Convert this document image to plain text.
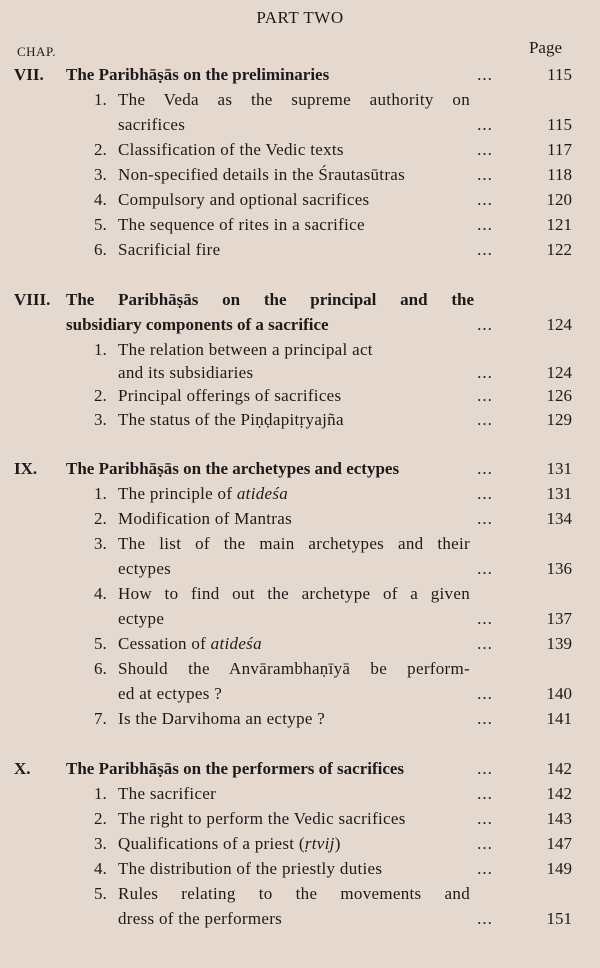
PART TWO
CHAP.	Page
VII. The Paribhāṣās on the preliminaries	...	115
1. The Veda as the supreme authority on
sacrifices	...	115
2. Classification of the Vedic texts	...	117
3. Non-specified details in the Śrautasūtras	...	118
4. Compulsory and optional sacrifices	...	120
5. The sequence of rites in a sacrifice	...	121
6. Sacrificial fire	...	122
VIII. The Paribhāṣās on the principal and the
subsidiary components of a sacrifice	...	124
1. The relation between a principal act
and its subsidiaries	...	124
2. Principal offerings of sacrifices	...	126
3. The status of the Piṇḍapitṛyajña	...	129
IX. The Paribhāṣās on the archetypes and ectypes	...	131
1. The principle of atideśa	...	131
2. Modification of Mantras	...	134
3. The list of the main archetypes and their
ectypes	...	136
4. How to find out the archetype of a given
ectype	...	137
5. Cessation of atideśa	...	139
6. Should the Anvārambhaṇīyā be perform-
ed at ectypes ?	...	140
7. Is the Darvihoma an ectype ?	...	141
X. The Paribhāṣās on the performers of sacrifices	...	142
1. The sacrificer	...	142
2. The right to perform the Vedic sacrifices	...	143
3. Qualifications of a priest (ṛtvij)	...	147
4. The distribution of the priestly duties	...	149
5. Rules relating to the movements and
dress of the performers	...	151
